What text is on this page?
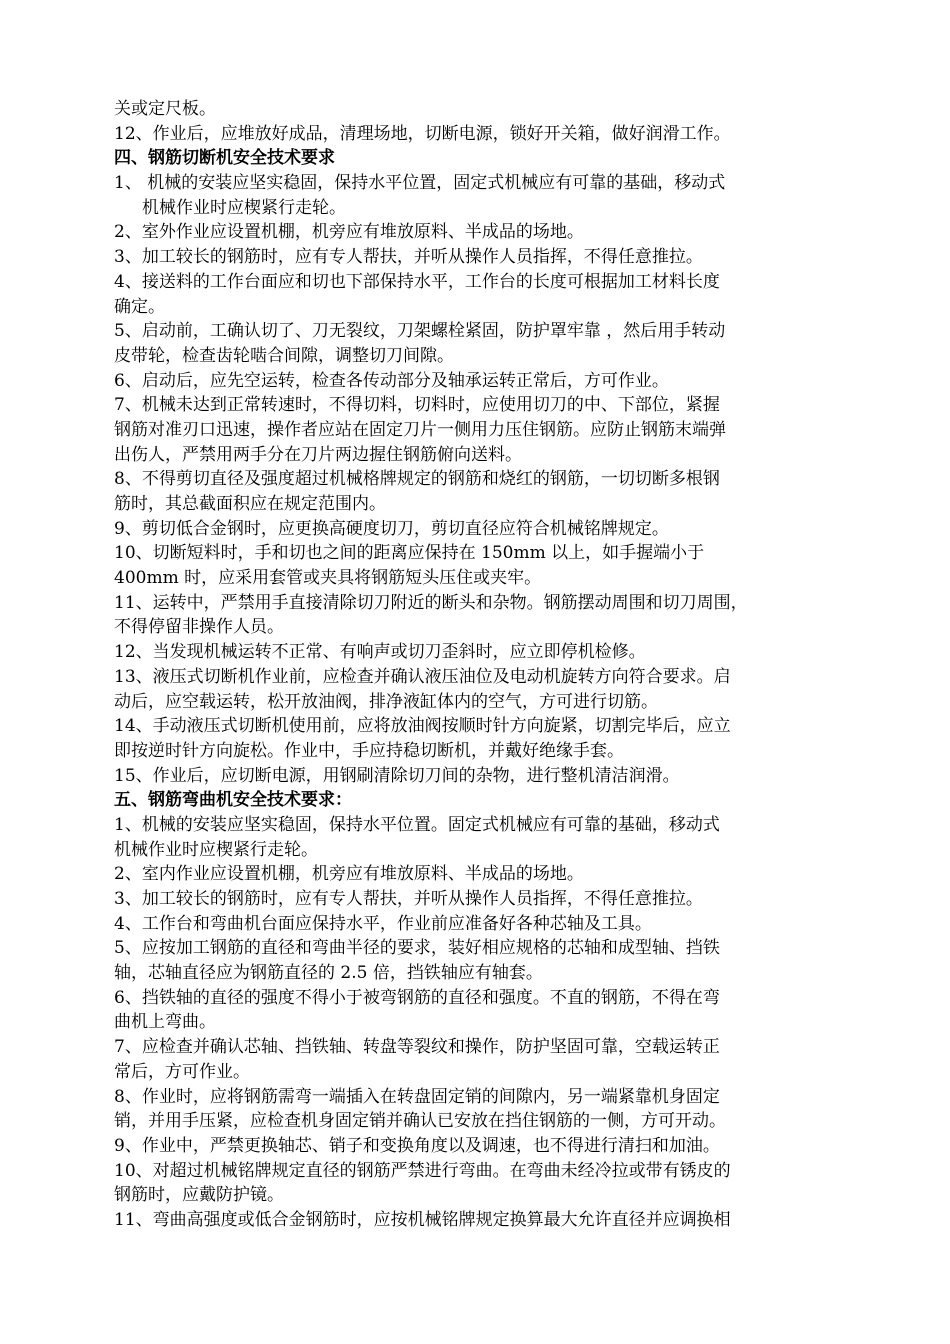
关或定尺板。

12、作业后，应堆放好成品，清理场地，切断电源，锁好开关箱，做好润滑工作。

四、钢筋切断机安全技术要求

1、 机械的安装应坚实稳固，保持水平位置，固定式机械应有可靠的基础，移动式

机械作业时应楔紧行走轮。

2、室外作业应设置机棚，机旁应有堆放原料、半成品的场地。

3、加工较长的钢筋时，应有专人帮扶，并听从操作人员指挥，不得任意推拉。

4、接送料的工作台面应和切也下部保持水平，工作台的长度可根据加工材料长度

确定。

5、启动前，工确认切了、刀无裂纹，刀架螺栓紧固，防护罩牢靠 ，然后用手转动

皮带轮，检查齿轮啮合间隙，调整切刀间隙。

6、启动后，应先空运转，检查各传动部分及轴承运转正常后，方可作业。

7、机械未达到正常转速时，不得切料，切料时，应使用切刀的中、下部位，紧握

钢筋对准刃口迅速，操作者应站在固定刀片一侧用力压住钢筋。应防止钢筋末端弹

出伤人，严禁用两手分在刀片两边握住钢筋俯向送料。

8、不得剪切直径及强度超过机械格牌规定的钢筋和烧红的钢筋，一切切断多根钢

筋时，其总截面积应在规定范围内。

9、剪切低合金钢时，应更换高硬度切刀，剪切直径应符合机械铭牌规定。

10、切断短料时，手和切也之间的距离应保持在 150mm 以上，如手握端小于

400mm 时，应采用套管或夹具将钢筋短头压住或夹牢。

11、运转中，严禁用手直接清除切刀附近的断头和杂物。钢筋摆动周围和切刀周围，

不得停留非操作人员。

12、当发现机械运转不正常、有响声或切刀歪斜时，应立即停机检修。

13、液压式切断机作业前，应检查并确认液压油位及电动机旋转方向符合要求。启

动后，应空载运转，松开放油阀，排净液缸体内的空气，方可进行切筋。

14、手动液压式切断机使用前，应将放油阀按顺时针方向旋紧，切割完毕后，应立

即按逆时针方向旋松。作业中，手应持稳切断机，并戴好绝缘手套。

15、作业后，应切断电源，用钢刷清除切刀间的杂物，进行整机清洁润滑。

五、钢筋弯曲机安全技术要求：

1、机械的安装应坚实稳固，保持水平位置。固定式机械应有可靠的基础，移动式

机械作业时应楔紧行走轮。

2、室内作业应设置机棚，机旁应有堆放原料、半成品的场地。

3、加工较长的钢筋时，应有专人帮扶，并听从操作人员指挥，不得任意推拉。

4、工作台和弯曲机台面应保持水平，作业前应准备好各种芯轴及工具。

5、应按加工钢筋的直径和弯曲半径的要求，装好相应规格的芯轴和成型轴、挡铁

轴，芯轴直径应为钢筋直径的 2.5 倍，挡铁轴应有轴套。

6、挡铁轴的直径的强度不得小于被弯钢筋的直径和强度。不直的钢筋，不得在弯

曲机上弯曲。

7、应检查并确认芯轴、挡铁轴、转盘等裂纹和操作，防护坚固可靠，空载运转正

常后，方可作业。

8、作业时，应将钢筋需弯一端插入在转盘固定销的间隙内，另一端紧靠机身固定

销，并用手压紧，应检查机身固定销并确认已安放在挡住钢筋的一侧，方可开动。

9、作业中，严禁更换轴芯、销子和变换角度以及调速，也不得进行清扫和加油。

10、对超过机械铭牌规定直径的钢筋严禁进行弯曲。在弯曲未经冷拉或带有锈皮的

钢筋时，应戴防护镜。

11、弯曲高强度或低合金钢筋时，应按机械铭牌规定换算最大允许直径并应调换相
